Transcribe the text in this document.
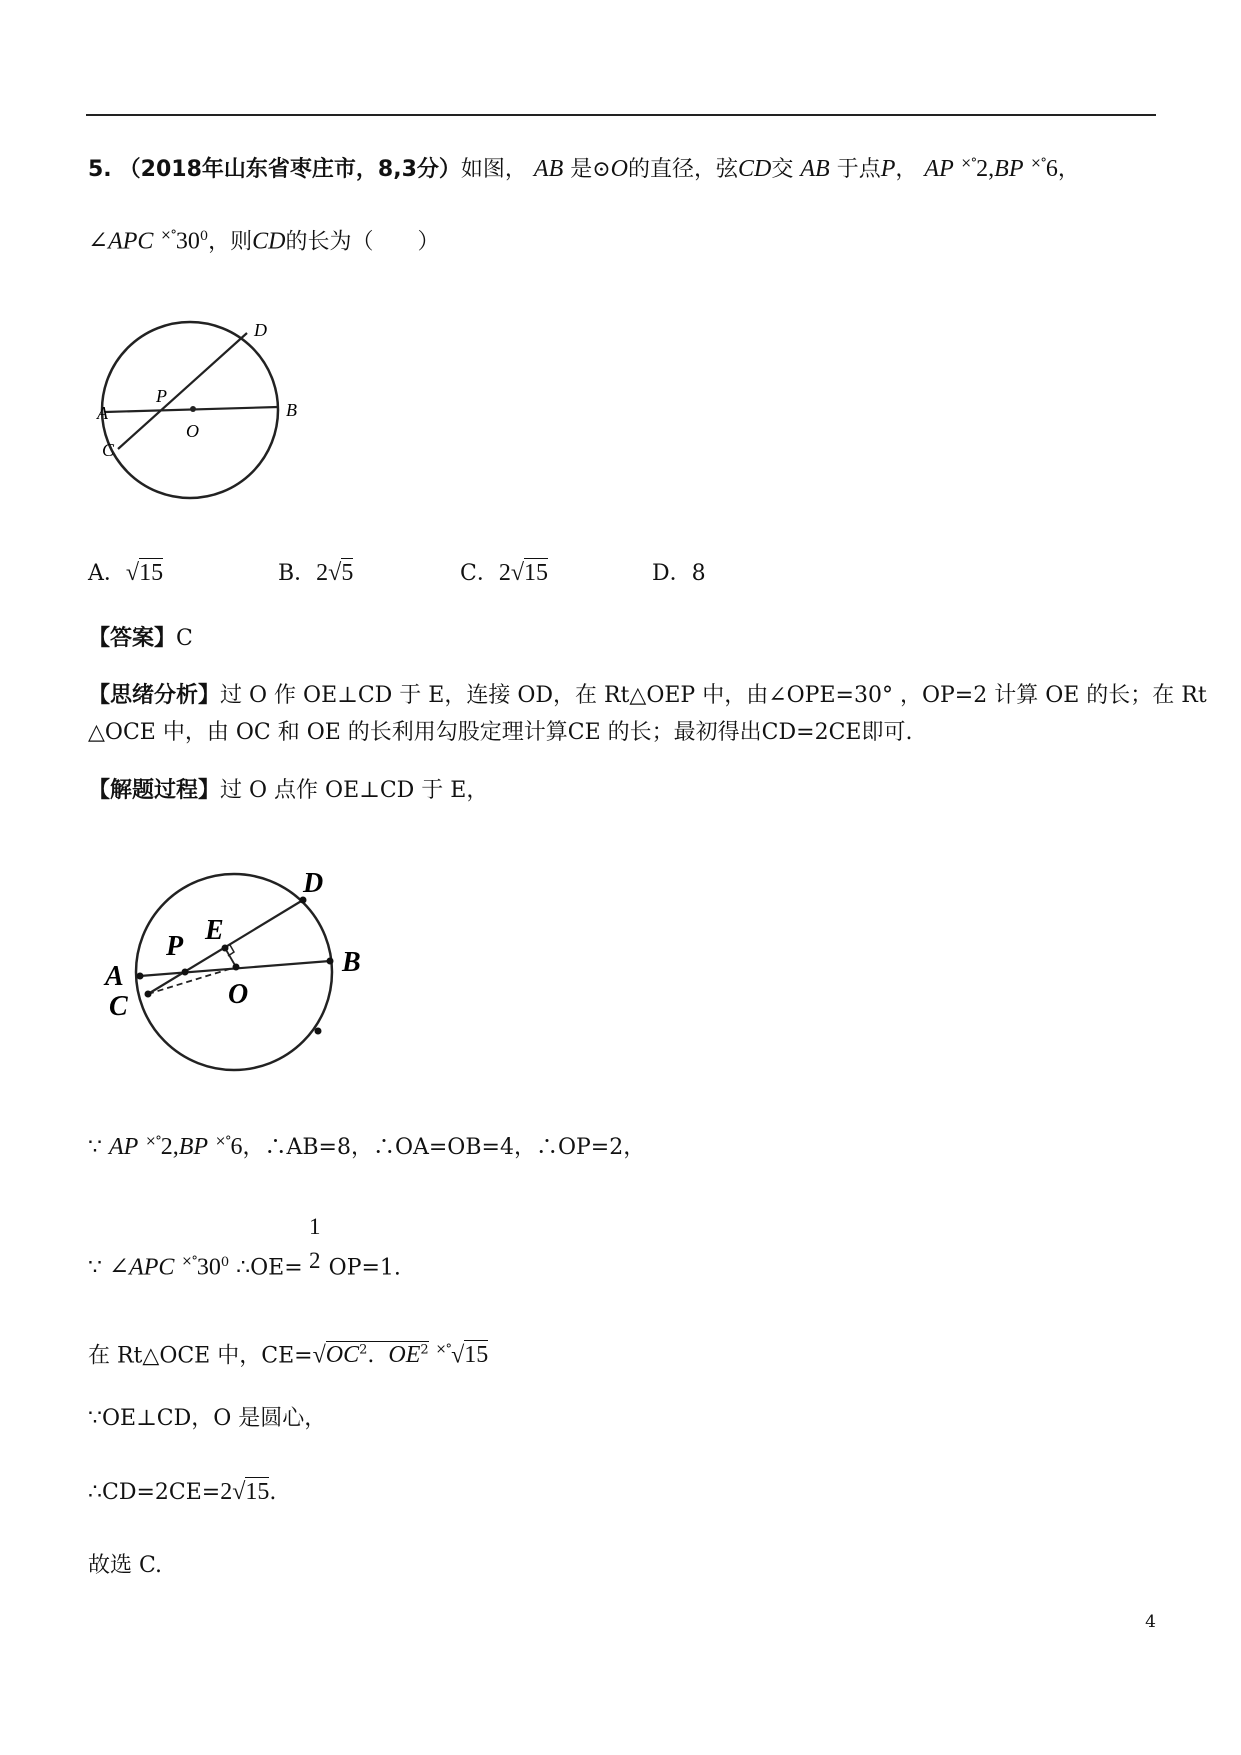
5. （2018年山东省枣庄市，8,3分）如图， AB 是⊙O的直径，弦CD交 AB 于点P， AP ×°2,BP ×°6，
∠APC $^{\times^\circ}30^0$，则CD的长为（　　）
A	B
C
D
P
O
A．√15	B．2√5	C．2√15	D．8
【答案】C
【思绪分析】过 O 作 OE⊥CD 于 E，连接 OD，在 Rt△OEP 中，由∠OPE=30° ，OP=2 计算 OE 的长；在 Rt
△OCE 中，由 OC 和 OE 的长利用勾股定理计算CE 的长；最初得出CD=2CE即可.
【解题过程】过 O 点作 OE⊥CD 于 E，
A	B
C
D
E
P
O
∵ AP ×°2,BP ×°6，∴AB=8，∴OA=OB=4，∴OP=2，
∵ ∠APC $^{\times^\circ}30^0$ ∴OE= OP=1.
1
2
在 Rt△OCE 中，$CE=√OC^2$. $OE^2$ ×°√15
∵OE⊥CD，O 是圆心，
∴CD=2CE=2√15.
故选 C.
4
